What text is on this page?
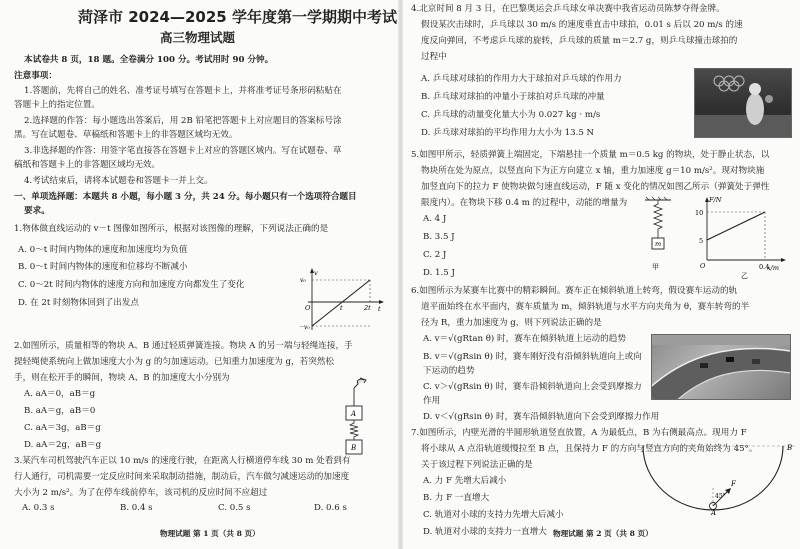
菏泽市 2024—2025 学年度第一学期期中考试
高三物理试题
本试卷共 8 页，18 题。全卷满分 100 分。考试用时 90 分钟。
注意事项：
1.答题前，先将自己的姓名、准考证号填写在答题卡上，并将准考证号条形码粘贴在
答题卡上的指定位置。
2.选择题的作答：每小题选出答案后，用 2B 铅笔把答题卡上对应题目的答案标号涂
黑。写在试题卷、草稿纸和答题卡上的非答题区域均无效。
3.非选择题的作答：用签字笔直接答在答题卡上对应的答题区域内。写在试题卷、草
稿纸和答题卡上的非答题区域均无效。
4.考试结束后，请将本试题卷和答题卡一并上交。
一、单项选择题：本题共 8 小题，每小题 3 分，共 24 分。每小题只有一个选项符合题目
要求。
1.物体做直线运动的 v－t 图像如图所示，根据对该图像的理解，下列说法正确的是
A. 0～t 时间内物体的速度和加速度均为负值
B. 0～t 时间内物体的速度和位移均不断减小
C. 0～2t 时间内物体的速度方向和加速度方向都发生了变化
D. 在 2t 时刻物体回到了出发点
v
t
O	t	2t
v₀
－v₀
2.如图所示，质量相等的物块 A、B 通过轻质弹簧连接。物块 A 的另一端与轻绳连接，手
提轻绳使系统向上做加速度大小为 g 的匀加速运动。已知重力加速度为 g，若突然松
手，则在松开手的瞬间，物块 A、B 的加速度大小分别为
A. aA＝0，aB＝g
B. aA＝g，aB＝0
C. aA＝3g，aB＝g
D. aA＝2g，aB＝g
A
B
3.某汽车司机驾驶汽车正以 10 m/s 的速度行驶，在距离人行横道停车线 30 m 处看到有
行人通行，司机需要一定反应时间来采取制动措施，制动后，汽车做匀减速运动的加速度
大小为 2 m/s²。为了在停车线前停车，该司机的反应时间不应超过
A. 0.3 s	B. 0.4 s	C. 0.5 s	D. 0.6 s
物理试题 第 1 页（共 8 页）
4.北京时间 8 月 3 日，在巴黎奥运会乒乓球女单决赛中我省运动员陈梦夺得金牌。
假设某次击球时，乒乓球以 30 m/s 的速度垂直击中球拍，0.01 s 后以 20 m/s 的速
度反向弹回，不考虑乒乓球的旋转，乒乓球的质量 m＝2.7 g，则乒乓球撞击球拍的
过程中
A. 乒乓球对球拍的作用力大于球拍对乒乓球的作用力
B. 乒乓球对球拍的冲量小于球拍对乒乓球的冲量
C. 乒乓球的动量变化量大小为 0.027 kg · m/s
D. 乒乓球对球拍的平均作用力大小为 13.5 N
5.如图甲所示，轻质弹簧上端固定，下端悬挂一个质量 m＝0.5 kg 的物块，处于静止状态，以
物块所在处为原点，以竖直向下为正方向建立 x 轴，重力加速度 g＝10 m/s²。现对物块施
加竖直向下的拉力 F 使物块做匀速直线运动，F 随 x 变化的情况如图乙所示（弹簧处于弹性
限度内）。在物块下移 0.4 m 的过程中，动能的增量为
A. 4 J
B. 3.5 J
C. 2 J
D. 1.5 J
m
甲
F/N
x/m
O
10
5
0.4
乙
6.如图所示为某赛车比赛中的精彩瞬间。赛车正在倾斜轨道上转弯，假设赛车运动的轨
道平面始终在水平面内，赛车质量为 m，倾斜轨道与水平方向夹角为 θ，赛车转弯的半
径为 R，重力加速度为 g，则下列说法正确的是
A. v＝√(gRtan θ) 时，赛车在倾斜轨道上运动的趋势
B. v＝√(gRsin θ) 时，赛车刚好没有沿倾斜轨道向上或向
下运动的趋势
C. v＞√(gRsin θ) 时，赛车沿倾斜轨道向上会受到摩擦力
作用
D. v＜√(gRsin θ) 时，赛车沿倾斜轨道向下会受到摩擦力作用
7.如图所示，内壁光滑的半圆形轨道竖直放置，A 为最低点，B 为右侧最高点。现用力 F
将小球从 A 点沿轨道缓慢拉至 B 点，且保持力 F 的方向与竖直方向的夹角始终为 45°。
关于该过程下列说法正确的是
A. 力 F 先增大后减小
B. 力 F 一直增大
C. 轨道对小球的支持力先增大后减小
D. 轨道对小球的支持力一直增大
F
45°
A
B
物理试题 第 2 页（共 8 页）
